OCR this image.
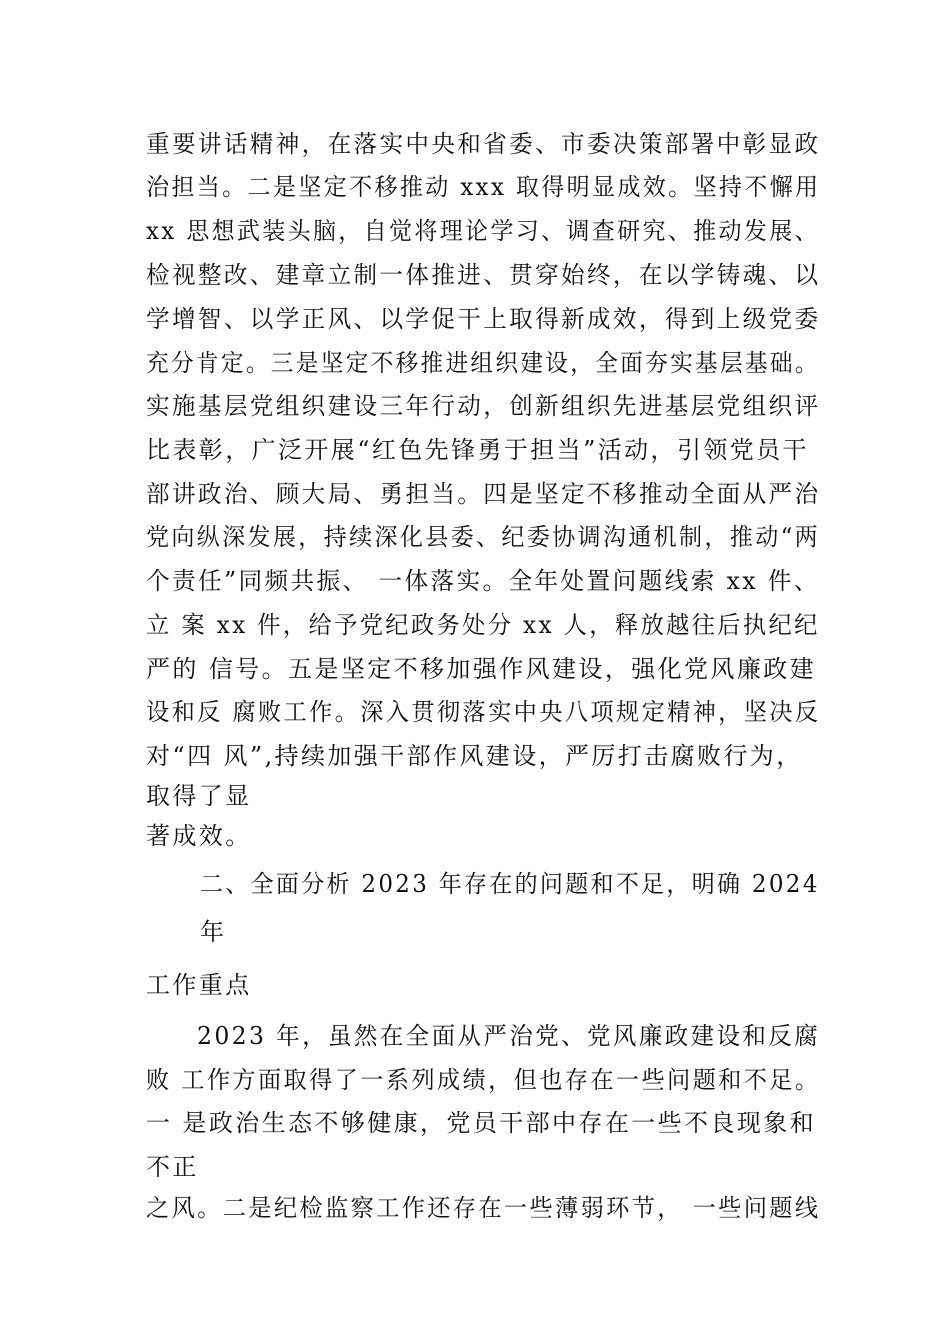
重要讲话精神，在落实中央和省委、市委决策部署中彰显政
治担当。二是坚定不移推动 xxx 取得明显成效。坚持不懈用
xx 思想武装头脑，自觉将理论学习、调查研究、推动发展、
检视整改、建章立制一体推进、贯穿始终，在以学铸魂、以
学增智、以学正风、以学促干上取得新成效，得到上级党委
充分肯定。三是坚定不移推进组织建设，全面夯实基层基础。
实施基层党组织建设三年行动，创新组织先进基层党组织评
比表彰，广泛开展“红色先锋勇于担当”活动，引领党员干
部讲政治、顾大局、勇担当。四是坚定不移推动全面从严治
党向纵深发展，持续深化县委、纪委协调沟通机制，推动“两
个责任”同频共振、 一体落实。全年处置问题线索 xx 件、
立 案 xx 件，给予党纪政务处分 xx 人，释放越往后执纪纪
严的 信号。五是坚定不移加强作风建设，强化党风廉政建
设和反 腐败工作。深入贯彻落实中央八项规定精神，坚决反
对“四 风”,持续加强干部作风建设，严厉打击腐败行为，
取得了显
著成效。
二、全面分析 2023 年存在的问题和不足，明确 2024
年
工作重点
2023 年，虽然在全面从严治党、党风廉政建设和反腐
败 工作方面取得了一系列成绩，但也存在一些问题和不足。
一 是政治生态不够健康，党员干部中存在一些不良现象和
不正
之风。二是纪检监察工作还存在一些薄弱环节， 一些问题线
